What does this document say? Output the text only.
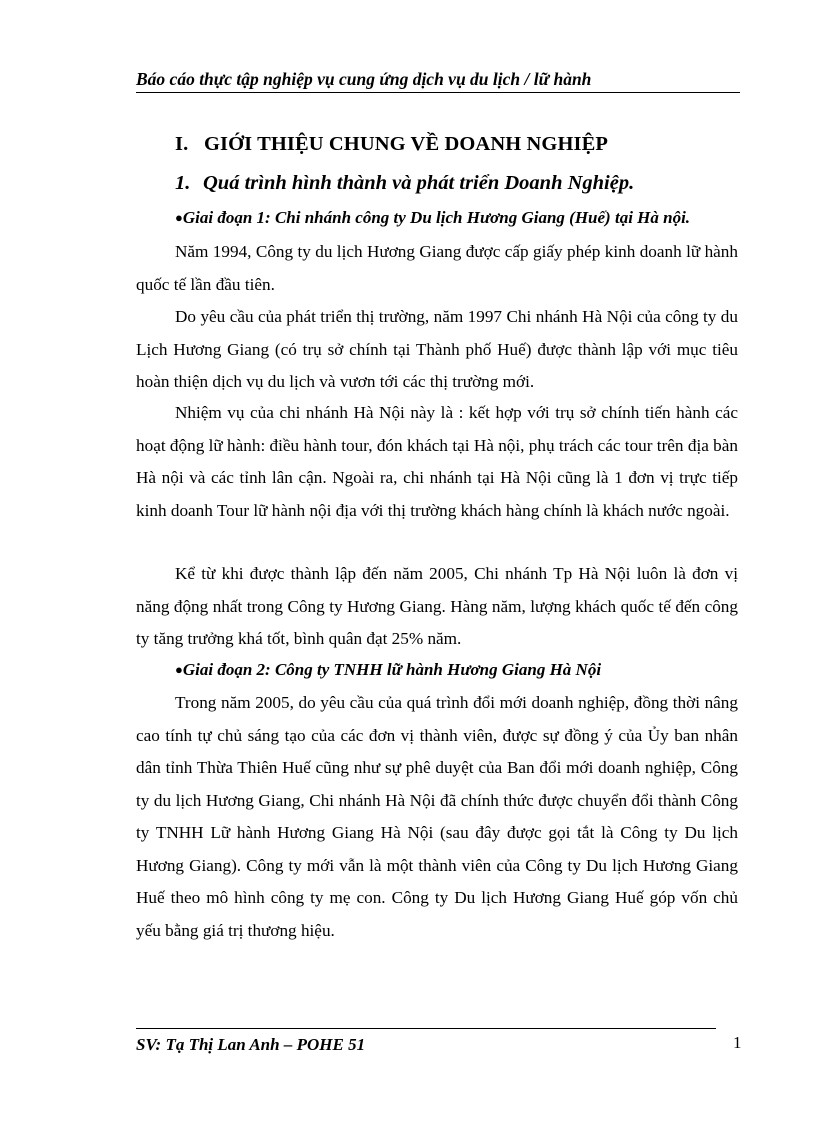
Báo cáo thực tập nghiệp vụ cung ứng dịch vụ du lịch / lữ hành
I. GIỚI THIỆU CHUNG VỀ DOANH NGHIỆP
1. Quá trình hình thành và phát triển Doanh Nghiệp.
●Giai đoạn 1: Chi nhánh công ty Du lịch Hương Giang (Huế) tại Hà nội.

Năm 1994, Công ty du lịch Hương Giang được cấp giấy phép kinh doanh lữ hành quốc tế lần đầu tiên.

Do yêu cầu của phát triển thị trường, năm 1997 Chi nhánh Hà Nội của công ty du Lịch Hương Giang (có trụ sở chính tại Thành phố Huế) được thành lập với mục tiêu hoàn thiện dịch vụ du lịch và vươn tới các thị trường mới.

Nhiệm vụ của chi nhánh Hà Nội này là : kết hợp với trụ sở chính tiến hành các hoạt động lữ hành: điều hành tour, đón khách tại Hà nội, phụ trách các tour trên địa bàn Hà nội và các tỉnh lân cận. Ngoài ra, chi nhánh tại Hà Nội cũng là 1 đơn vị trực tiếp kinh doanh Tour lữ hành nội địa với thị trường khách hàng chính là khách nước ngoài.

Kể từ khi được thành lập đến năm 2005, Chi nhánh Tp Hà Nội luôn là đơn vị năng động nhất trong Công ty Hương Giang. Hàng năm, lượng khách quốc tế đến công ty tăng trưởng khá tốt, bình quân đạt 25% năm.

●Giai đoạn 2: Công ty TNHH lữ hành Hương Giang Hà Nội

Trong năm 2005, do yêu cầu của quá trình đổi mới doanh nghiệp, đồng thời nâng cao tính tự chủ sáng tạo của các đơn vị thành viên, được sự đồng ý của Ủy ban nhân dân tỉnh Thừa Thiên Huế cũng như sự phê duyệt của Ban đổi mới doanh nghiệp, Công ty du lịch Hương Giang, Chi nhánh Hà Nội đã chính thức được chuyển đổi thành Công ty TNHH Lữ hành Hương Giang Hà Nội (sau đây được gọi tắt là Công ty Du lịch Hương Giang). Công ty mới vẫn là một thành viên của Công ty Du lịch Hương Giang Huế theo mô hình công ty mẹ con. Công ty Du lịch Hương Giang Huế góp vốn chủ yếu bằng giá trị thương hiệu.

SV: Tạ Thị Lan Anh – POHE 51	1
